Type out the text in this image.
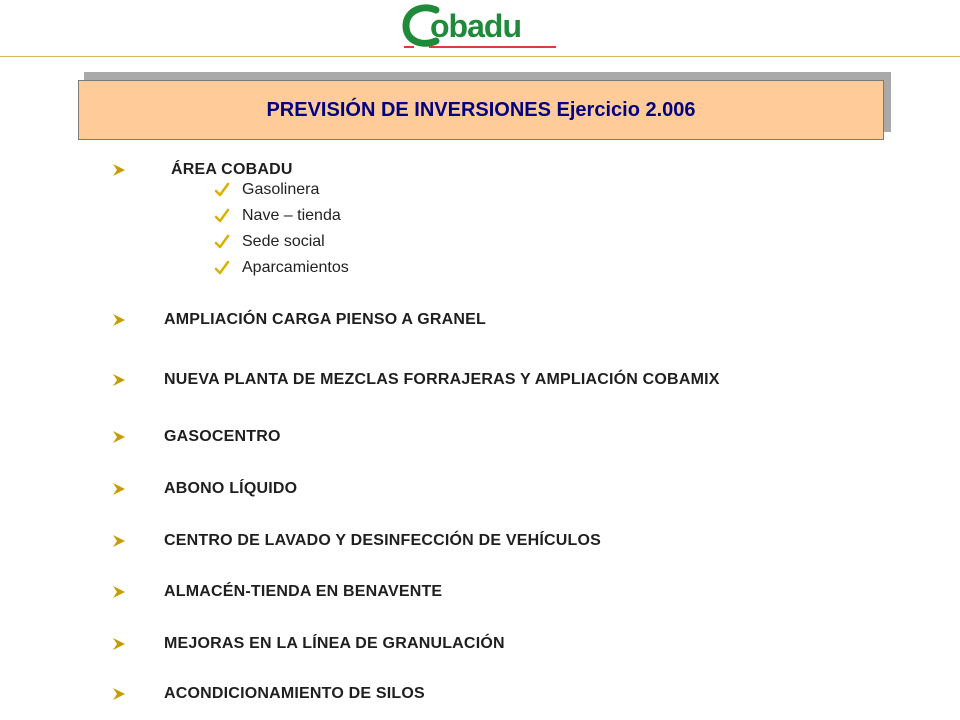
obadu
PREVISIÓN DE INVERSIONES Ejercicio 2.006
ÁREA COBADU
Gasolinera
Nave – tienda
Sede social
Aparcamientos
AMPLIACIÓN CARGA PIENSO A GRANEL
NUEVA PLANTA DE MEZCLAS FORRAJERAS Y AMPLIACIÓN COBAMIX
GASOCENTRO
ABONO LÍQUIDO
CENTRO DE LAVADO Y DESINFECCIÓN DE VEHÍCULOS
ALMACÉN-TIENDA EN BENAVENTE
MEJORAS EN LA LÍNEA DE GRANULACIÓN
ACONDICIONAMIENTO DE SILOS
